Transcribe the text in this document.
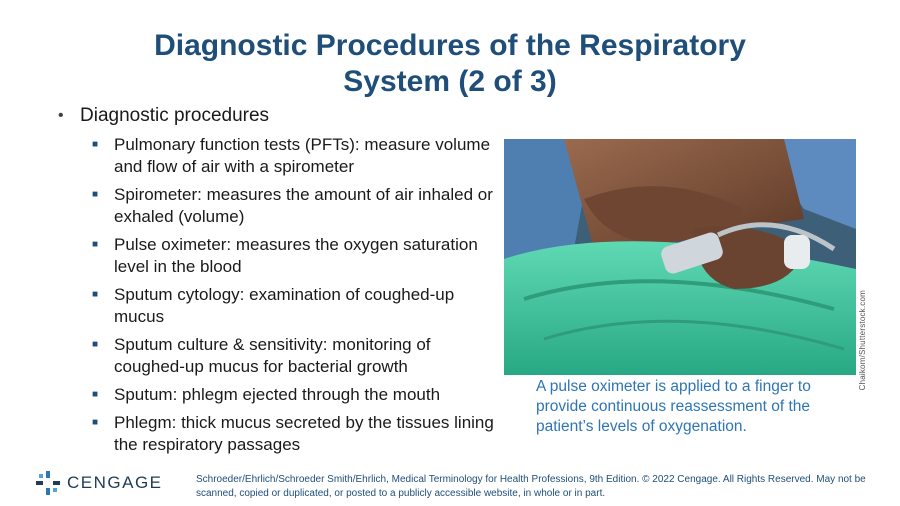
Diagnostic Procedures of the Respiratory
System (2 of 3)
• Diagnostic procedures
■ Pulmonary function tests (PFTs): measure volume and flow of air with a spirometer
■ Spirometer: measures the amount of air inhaled or exhaled (volume)
■ Pulse oximeter: measures the oxygen saturation level in the blood
■ Sputum cytology: examination of coughed-up mucus
■ Sputum culture & sensitivity: monitoring of coughed-up mucus for bacterial growth
■ Sputum: phlegm ejected through the mouth
■ Phlegm: thick mucus secreted by the tissues lining the respiratory passages
Chaikom/Shutterstock.com
A pulse oximeter is applied to a finger to provide continuous reassessment of the patient’s levels of oxygenation.
CENGAGE	Schroeder/Ehrlich/Schroeder Smith/Ehrlich, Medical Terminology for Health Professions, 9th Edition. © 2022 Cengage. All Rights Reserved. May not be scanned, copied or duplicated, or posted to a publicly accessible website, in whole or in part.
